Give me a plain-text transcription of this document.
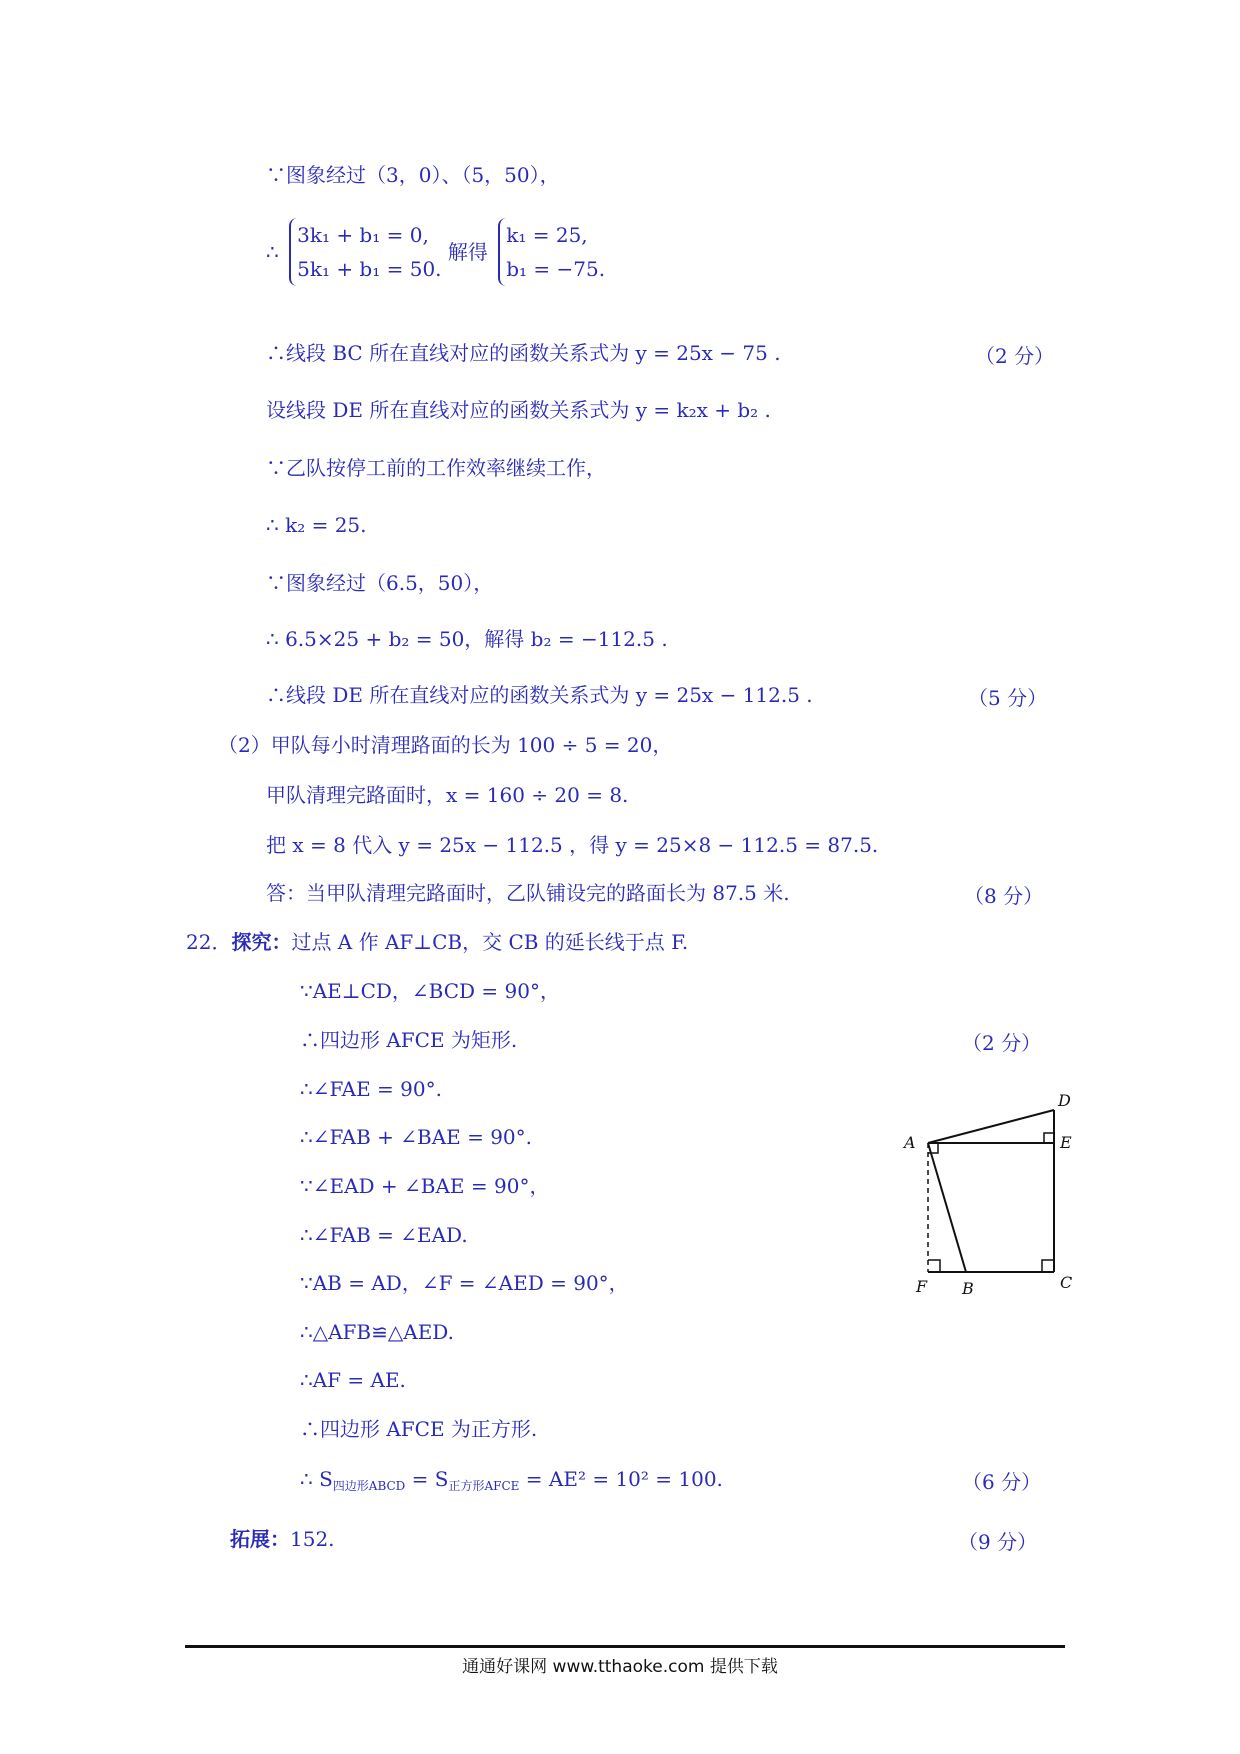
∵图象经过（3，0）、（5，50），
∴ 3k₁ + b₁ = 0,
5k₁ + b₁ = 50. 解得 k₁ = 25,
b₁ = −75.
∴线段 BC 所在直线对应的函数关系式为 y = 25x − 75 .	（2 分）
设线段 DE 所在直线对应的函数关系式为 y = k₂x + b₂ .
∵乙队按停工前的工作效率继续工作，
∴ k₂ = 25.
∵图象经过（6.5，50），
∴ 6.5×25 + b₂ = 50，解得 b₂ = −112.5 .
∴线段 DE 所在直线对应的函数关系式为 y = 25x − 112.5 .	（5 分）
（2）甲队每小时清理路面的长为 100 ÷ 5 = 20，
甲队清理完路面时，x = 160 ÷ 20 = 8.
把 x = 8 代入 y = 25x − 112.5 ，得 y = 25×8 − 112.5 = 87.5.
答：当甲队清理完路面时，乙队铺设完的路面长为 87.5 米.	（8 分）
22．探究：过点 A 作 AF⊥CB，交 CB 的延长线于点 F.
∵AE⊥CD，∠BCD = 90°，
∴四边形 AFCE 为矩形.	（2 分）
∴∠FAE = 90°.
∴∠FAB + ∠BAE = 90°.
∵∠EAD + ∠BAE = 90°，
∴∠FAB = ∠EAD.
∵AB = AD，∠F = ∠AED = 90°，
∴△AFB≌△AED.
∴AF = AE.
∴四边形 AFCE 为正方形.
∴ $S_{四边形ABCD} = S_{正方形AFCE} = AE^2 = 10^2 = 100$.	（6 分）
拓展：152.	（9 分）
A
D
E
F B	C
通通好课网 www.tthaoke.com 提供下载
